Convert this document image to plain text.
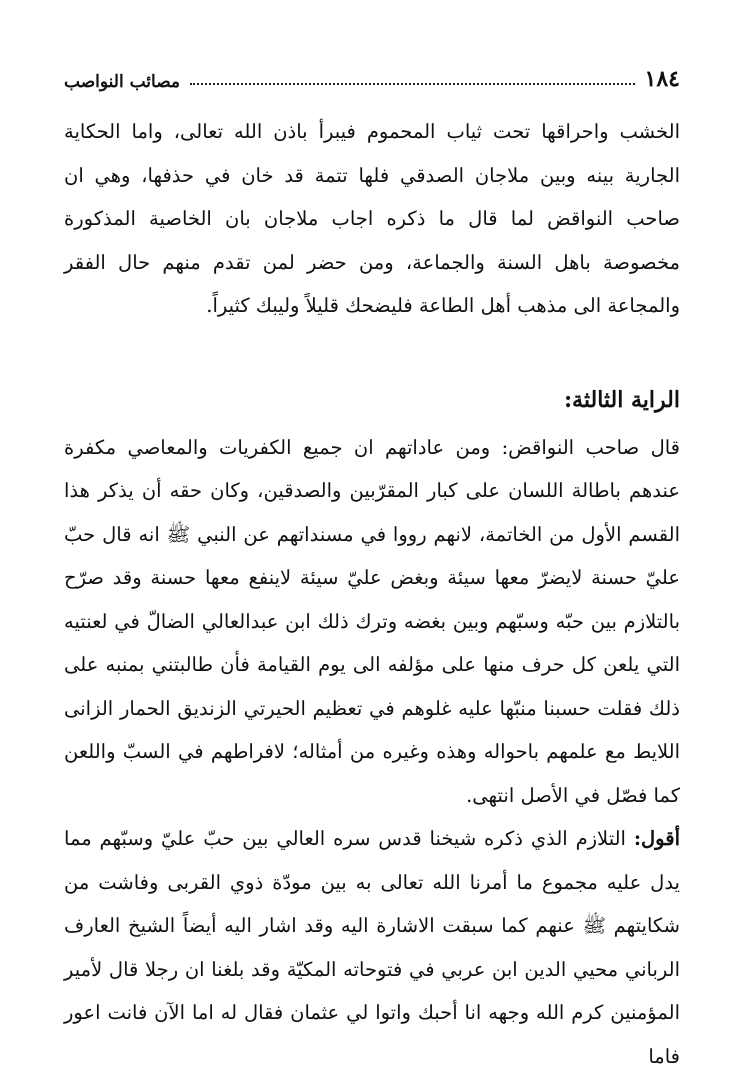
١٨٤
مصائب النواصب

الخشب واحراقها تحت ثياب المحموم فيبرأ باذن الله تعالى، واما الحكاية الجارية بينه وبين ملاجان الصدقي فلها تتمة قد خان في حذفها، وهي ان صاحب النواقض لما قال ما ذكره اجاب ملاجان بان الخاصية المذكورة مخصوصة باهل السنة والجماعة، ومن حضر لمن تقدم منهم حال الفقر والمجاعة الى مذهب أهل الطاعة فليضحك قليلاً وليبك كثيراً.

الراية الثالثة:

قال صاحب النواقض: ومن عاداتهم ان جميع الكفريات والمعاصي مكفرة عندهم باطالة اللسان على كبار المقرّبين والصدقين، وكان حقه أن يذكر هذا القسم الأول من الخاتمة، لانهم رووا في مسنداتهم عن النبي ﷺ انه قال حبّ عليّ حسنة لايضرّ معها سيئة وبغض عليّ سيئة لاينفع معها حسنة وقد صرّح بالتلازم بين حبّه وسبّهم وبين بغضه وترك ذلك ابن عبدالعالي الضالّ في لعنتيه التي يلعن كل حرف منها على مؤلفه الى يوم القيامة فأن طالبتني بمنبه على ذلك فقلت حسبنا منبّها عليه غلوهم في تعظيم الحيرتي الزنديق الحمار الزانى اللايط مع علمهم باحواله وهذه وغيره من أمثاله؛ لافراطهم في السبّ واللعن كما فصّل في الأصل انتهى.

أقول: التلازم الذي ذكره شيخنا قدس سره العالي بين حبّ عليّ وسبّهم مما يدل عليه مجموع ما أمرنا الله تعالى به بين مودّة ذوي القربى وفاشت من شكايتهم ﷺ عنهم كما سبقت الاشارة اليه وقد اشار اليه أيضاً الشيخ العارف الرباني محيي الدين ابن عربي في فتوحاته المكيّة وقد بلغنا ان رجلا قال لأمير المؤمنين كرم الله وجهه انا أحبك واتوا لي عثمان فقال له اما الآن فانت اعور فاما
